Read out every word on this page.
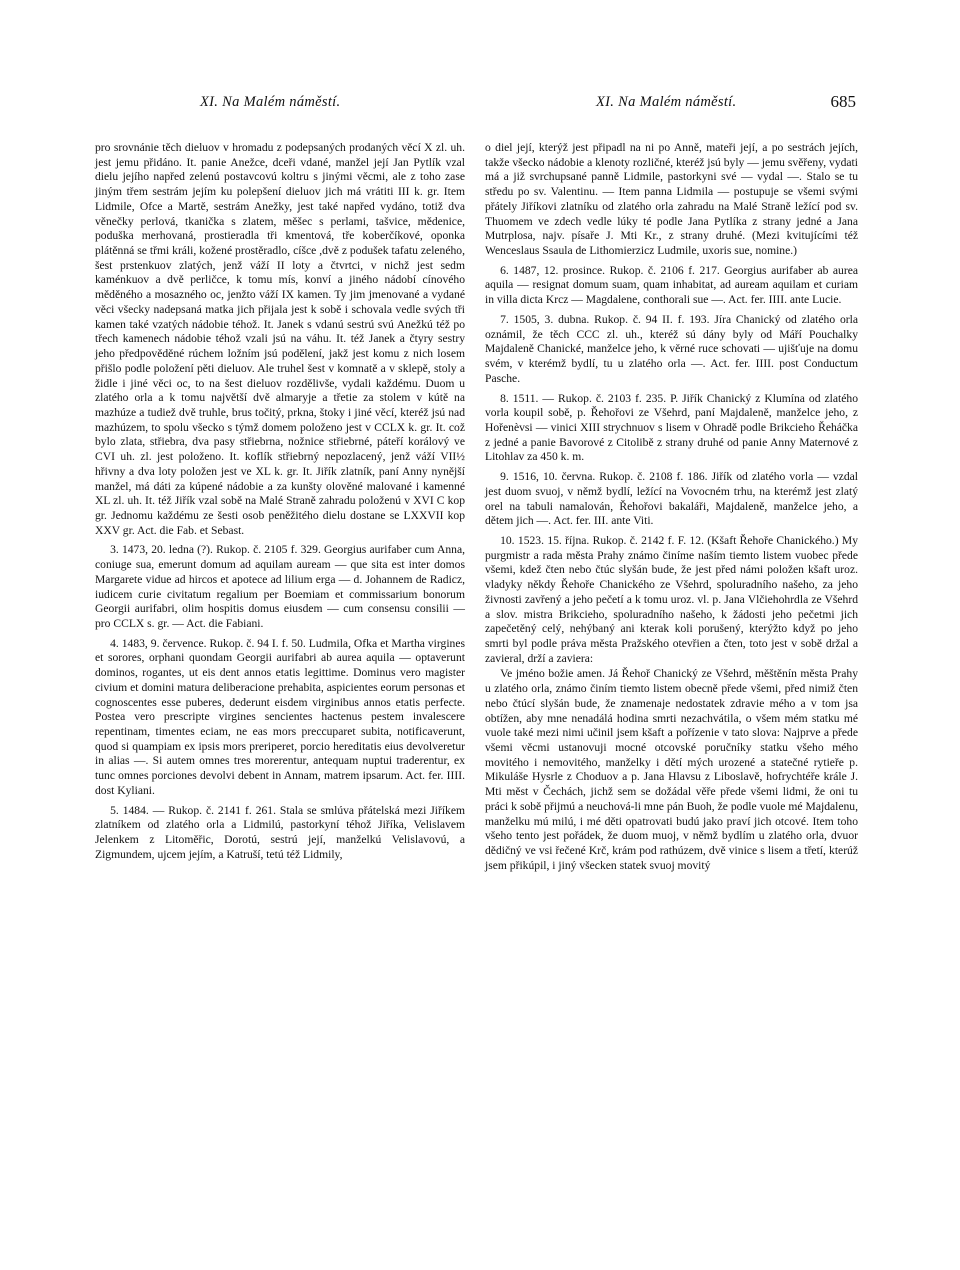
XI. Na Malém náměstí.	XI. Na Malém náměstí.	685

pro srovnánie těch dieluov v hromadu z podepsaných prodaných věcí X zl. uh. jest jemu přidáno. It. panie Anežce, dceři vdané, manžel její Jan Pytlík vzal dielu jejího napřed zelenú postavcovú koltru s jinými věcmi, ale z toho zase jiným třem sestrám jejím ku polepšení dieluov jich má vrátiti III k. gr. Item Lidmile, Ofce a Martě, sestrám Anežky, jest také napřed vydáno, totiž dva věnečky perlová, tkanička s zlatem, měšec s perlami, tašvice, mědenice, poduška merhovaná, prostieradla tři kmentová, tře koberčíkové, oponka plátěnná se třmi králi, kožené prostěradlo, cíšce ,dvě z podušek tafatu zeleného, šest prstenkuov zlatých, jenž váží II loty a čtvrtci, v nichž jest sedm kaménkuov a dvě perličce, k tomu mís, konví a jiného nádobí cínového měděného a mosazného oc, jenžto váží IX kamen. Ty jim jmenované a vydané věci všecky nadepsaná matka jich přijala jest k sobě i schovala vedle svých tři kamen také vzatých nádobie téhož. It. Janek s vdanú sestrú svú Anežkú též po třech kamenech nádobie téhož vzali jsú na váhu. It. též Janek a čtyry sestry jeho předpověděné rúchem ložním jsú podělení, jakž jest komu z nich losem přišlo podle položení pěti dieluov. Ale truhel šest v komnatě a v sklepě, stoly a židle i jiné věci oc, to na šest dieluov rozdělivše, vydali každému. Duom u zlatého orla a k tomu najvětší dvě almaryje a třetie za stolem v kútě na mazhúze a tudiež dvě truhle, brus točitý, prkna, štoky i jiné věcí, kteréž jsú nad mazhúzem, to spolu všecko s týmž domem položeno jest v CCLX k. gr. It. což bylo zlata, střiebra, dva pasy střiebrna, nožnice střiebrné, páteří korálový ve CVI uh. zl. jest položeno. It. koflík střiebrný nepozlacený, jenž váží VII½ hřivny a dva loty položen jest ve XL k. gr. It. Jiřík zlatník, paní Anny nynější manžel, má dáti za kúpené nádobie a za kunšty olověné malované i kamenné XL zl. uh. It. též Jiřík vzal sobě na Malé Straně zahradu položenú v XVI C kop gr. Jednomu každému ze šesti osob peněžitého dielu dostane se LXXVII kop XXV gr. Act. die Fab. et Sebast.

3. 1473, 20. ledna (?). Rukop. č. 2105 f. 329. Georgius aurifaber cum Anna, coniuge sua, emerunt domum ad aquilam auream — que sita est inter domos Margarete vidue ad hircos et apotece ad lilium erga — d. Johannem de Radicz, iudicem curie civitatum regalium per Boemiam et commissarium bonorum Georgii aurifabri, olim hospitis domus eiusdem — cum consensu consilii — pro CCLX s. gr. — Act. die Fabiani.

4. 1483, 9. července. Rukop. č. 94 I. f. 50. Ludmila, Ofka et Martha virgines et sorores, orphani quondam Georgii aurifabri ab aurea aquila — optaverunt dominos, rogantes, ut eis dent annos etatis legittime. Dominus vero magister civium et domini matura deliberacione prehabita, aspicientes eorum personas et cognoscentes esse puberes, dederunt eisdem virginibus annos etatis perfecte. Postea vero prescripte virgines sencientes hactenus pestem invalescere repentinam, timentes eciam, ne eas mors preccuparet subita, notificaverunt, quod si quampiam ex ipsis mors preriperet, porcio hereditatis eius devolveretur in alias —. Si autem omnes tres morerentur, antequam nuptui traderentur, ex tunc omnes porciones devolvi debent in Annam, matrem ipsarum. Act. fer. IIII. dost Kyliani.

5. 1484. — Rukop. č. 2141 f. 261. Stala se smlúva přátelská mezi Jiříkem zlatníkem od zlatého orla a Lidmilú, pastorkyní téhož Jiříka, Velislavem Jelenkem z Litoměřic, Dorotú, sestrú její, manželkú Velislavovú, a Zigmundem, ujcem jejím, a Katruší, tetú též Lidmily,

o diel její, kterýž jest připadl na ni po Anně, mateři její, a po sestrách jejích, takže všecko nádobie a klenoty rozličné, kteréž jsú byly — jemu svěřeny, vydati má a již svrchupsané panně Lidmile, pastorkyni své — vydal —. Stalo se tu středu po sv. Valentinu. — Item panna Lidmila — postupuje se všemi svými přátely Jiříkovi zlatníku od zlatého orla zahradu na Malé Straně ležící pod sv. Thuomem ve zdech vedle lúky té podle Jana Pytlíka z strany jedné a Jana Mutrplosa, najv. písaře J. Mti Kr., z strany druhé. (Mezi kvitujícími též Wenceslaus Ssaula de Lithomierzicz Ludmile, uxoris sue, nomine.)

6. 1487, 12. prosince. Rukop. č. 2106 f. 217. Georgius aurifaber ab aurea aquila — resignat domum suam, quam inhabitat, ad auream aquilam et curiam in villa dicta Krcz — Magdalene, conthorali sue —. Act. fer. IIII. ante Lucie.

7. 1505, 3. dubna. Rukop. č. 94 II. f. 193. Jíra Chanický od zlatého orla oznámil, že těch CCC zl. uh., kteréž sú dány byly od Máří Pouchalky Majdaleně Chanické, manželce jeho, k věrné ruce schovati — ujišťuje na domu svém, v kterémž bydlí, tu u zlatého orla —. Act. fer. IIII. post Conductum Pasche.

8. 1511. — Rukop. č. 2103 f. 235. P. Jiřík Chanický z Klumína od zlatého vorla koupil sobě, p. Řehořovi ze Všehrd, paní Majdaleně, manželce jeho, z Hořenèvsi — vinici XIII strychnuov s lisem v Ohradě podle Brikcieho Řeháčka z jedné a panie Bavorové z Citolibě z strany druhé od panie Anny Maternové z Litohlav za 450 k. m.

9. 1516, 10. června. Rukop. č. 2108 f. 186. Jiřík od zlatého vorla — vzdal jest duom svuoj, v němž bydlí, ležící na Vovocném trhu, na kterémž jest zlatý orel na tabuli namalován, Řehořovi bakaláři, Majdaleně, manželce jeho, a dětem jich —. Act. fer. III. ante Viti.

10. 1523. 15. října. Rukop. č. 2142 f. F. 12. (Kšaft Řehoře Chanického.) My purgmistr a rada města Prahy známo činíme naším tiemto listem vuobec přede všemi, kdež čten nebo čtúc slyšán bude, že jest před námi položen kšaft uroz. vladyky někdy Řehoře Chanického ze Všehrd, spoluradního našeho, za jeho živnosti zavřený a jeho pečetí a k tomu uroz. vl. p. Jana Vlčiehohrdla ze Všehrd a slov. mistra Brikcieho, spoluradního našeho, k žádosti jeho pečetmi jich zapečetěný celý, nehýbaný ani kterak koli porušený, kterýžto když po jeho smrti byl podle práva města Pražského otevřien a čten, toto jest v sobě držal a zavieral, drží a zaviera:

Ve jméno božie amen. Já Řehoř Chanický ze Všehrd, měštěnín města Prahy u zlatého orla, známo činím tiemto listem obecně přede všemi, před nimiž čten nebo čtúcí slyšán bude, že znamenaje nedostatek zdravie mého a v tom jsa obtížen, aby mne nenadálá hodina smrti nezachvátila, o všem mém statku mé vuole také mezi nimi učinil jsem kšaft a pořízenie v tato slova: Najprve a přede všemi věcmi ustanovuji mocné otcovské poručníky statku všeho mého movitého i nemovitého, manželky i dětí mých urozené a statečné rytieře p. Mikuláše Hysrle z Choduov a p. Jana Hlavsu z Liboslavě, hofrychtéře krále J. Mti měst v Čechách, jichž sem se dožádal věře přede všemi lidmi, že oni tu práci k sobě přijmú a neuchová-li mne pán Buoh, že podle vuole mé Majdalenu, manželku mú milú, i mé děti opatrovati budú jako praví jich otcové. Item toho všeho tento jest pořádek, že duom muoj, v němž bydlím u zlatého orla, dvuor dědičný ve vsi řečené Krč, krám pod rathúzem, dvě vinice s lisem a třetí, kterúž jsem přikúpil, i jiný všecken statek svuoj movitý
